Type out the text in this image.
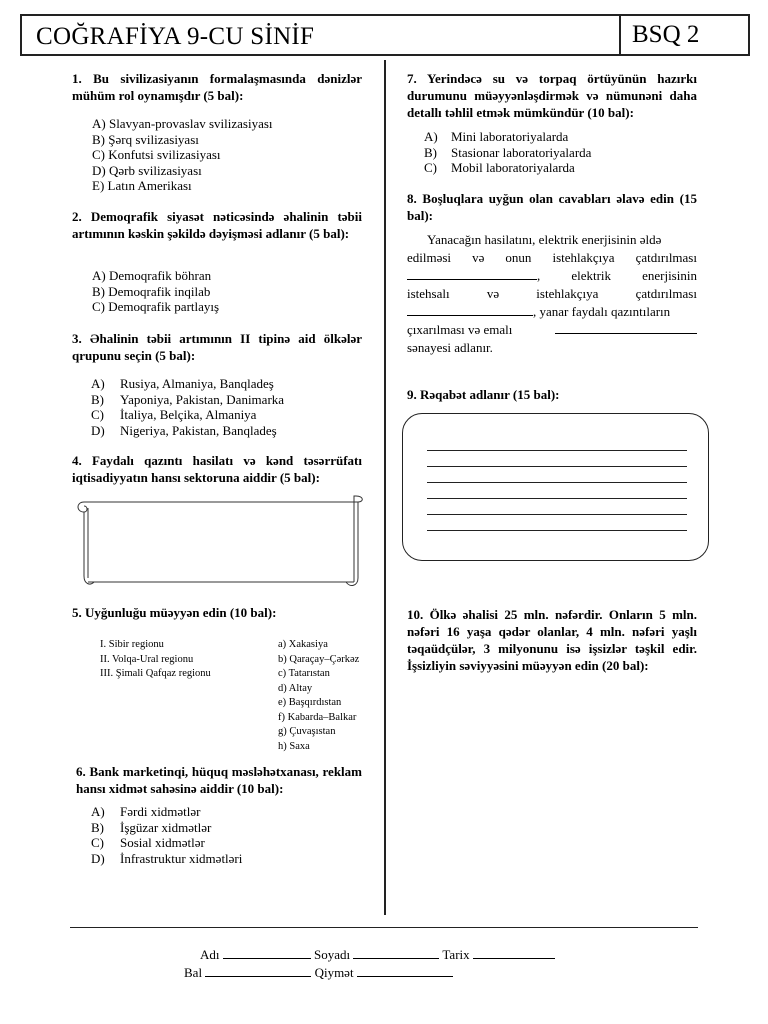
COĞRAFİYA 9-CU SİNİF	BSQ 2
1. Bu sivilizasiyanın formalaşmasında dənizlər mühüm rol oynamışdır (5 bal):
A) Slavyan-provaslav svilizasiyası
B) Şərq svilizasiyası
C) Konfutsi svilizasiyası
D) Qərb svilizasiyası
E) Latın Amerikası
2. Demoqrafik siyasət nəticəsində əhalinin təbii artımının kəskin şəkildə dəyişməsi adlanır (5 bal):
A) Demoqrafik böhran
B) Demoqrafik inqilab
C) Demoqrafik partlayış
3. Əhalinin təbii artımının II tipinə aid ölkələr qrupunu seçin (5 bal):
A) Rusiya, Almaniya, Banqladeş
B) Yaponiya, Pakistan, Danimarka
C) İtaliya, Belçika, Almaniya
D) Nigeriya, Pakistan, Banqladeş
4. Faydalı qazıntı hasilatı və kənd təsərrüfatı iqtisadiyyatın hansı sektoruna aiddir (5 bal):
5. Uyğunluğu müəyyən edin (10 bal):
I. Sibir regionu
II. Volqa-Ural regionu
III. Şimali Qafqaz regionu
a) Xakasiya
b) Qaraçay–Çərkəz
c) Tatarıstan
d) Altay
e) Başqırdıstan
f) Kabarda–Balkar
g) Çuvaşıstan
h) Saxa
6. Bank marketinqi, hüquq məsləhətxanası, reklam hansı xidmət sahəsinə aiddir (10 bal):
A) Fərdi xidmətlər
B) İşgüzar xidmətlər
C) Sosial xidmətlər
D) İnfrastruktur xidmətləri
7. Yerindəcə su və torpaq örtüyünün hazırkı durumunu müəyyənləşdirmək və nümunəni daha detallı təhlil etmək mümkündür (10 bal):
A) Mini laboratoriyalarda
B) Stasionar laboratoriyalarda
C) Mobil laboratoriyalarda
8. Boşluqlara uyğun olan cavabları əlavə edin (15 bal):
Yanacağın hasilatını, elektrik enerjisinin əldə
edilməsi və onun istehlakçıya çatdırılması
, elektrik enerjisinin
istehsalı	və	istehlakçıya	çatdırılması
, yanar faydalı qazıntıların
çıxarılması və emalı
sənayesi adlanır.
9. Rəqabət adlanır (15 bal):
10. Ölkə əhalisi 25 mln. nəfərdir. Onların 5 mln. nəfəri 16 yaşa qədər olanlar, 4 mln. nəfəri yaşlı təqaüdçülər, 3 milyonunu isə işsizlər təşkil edir. İşsizliyin səviyyəsini müəyyən edin (20 bal):
Adı	Soyadı	Tarix
Bal	Qiymət
